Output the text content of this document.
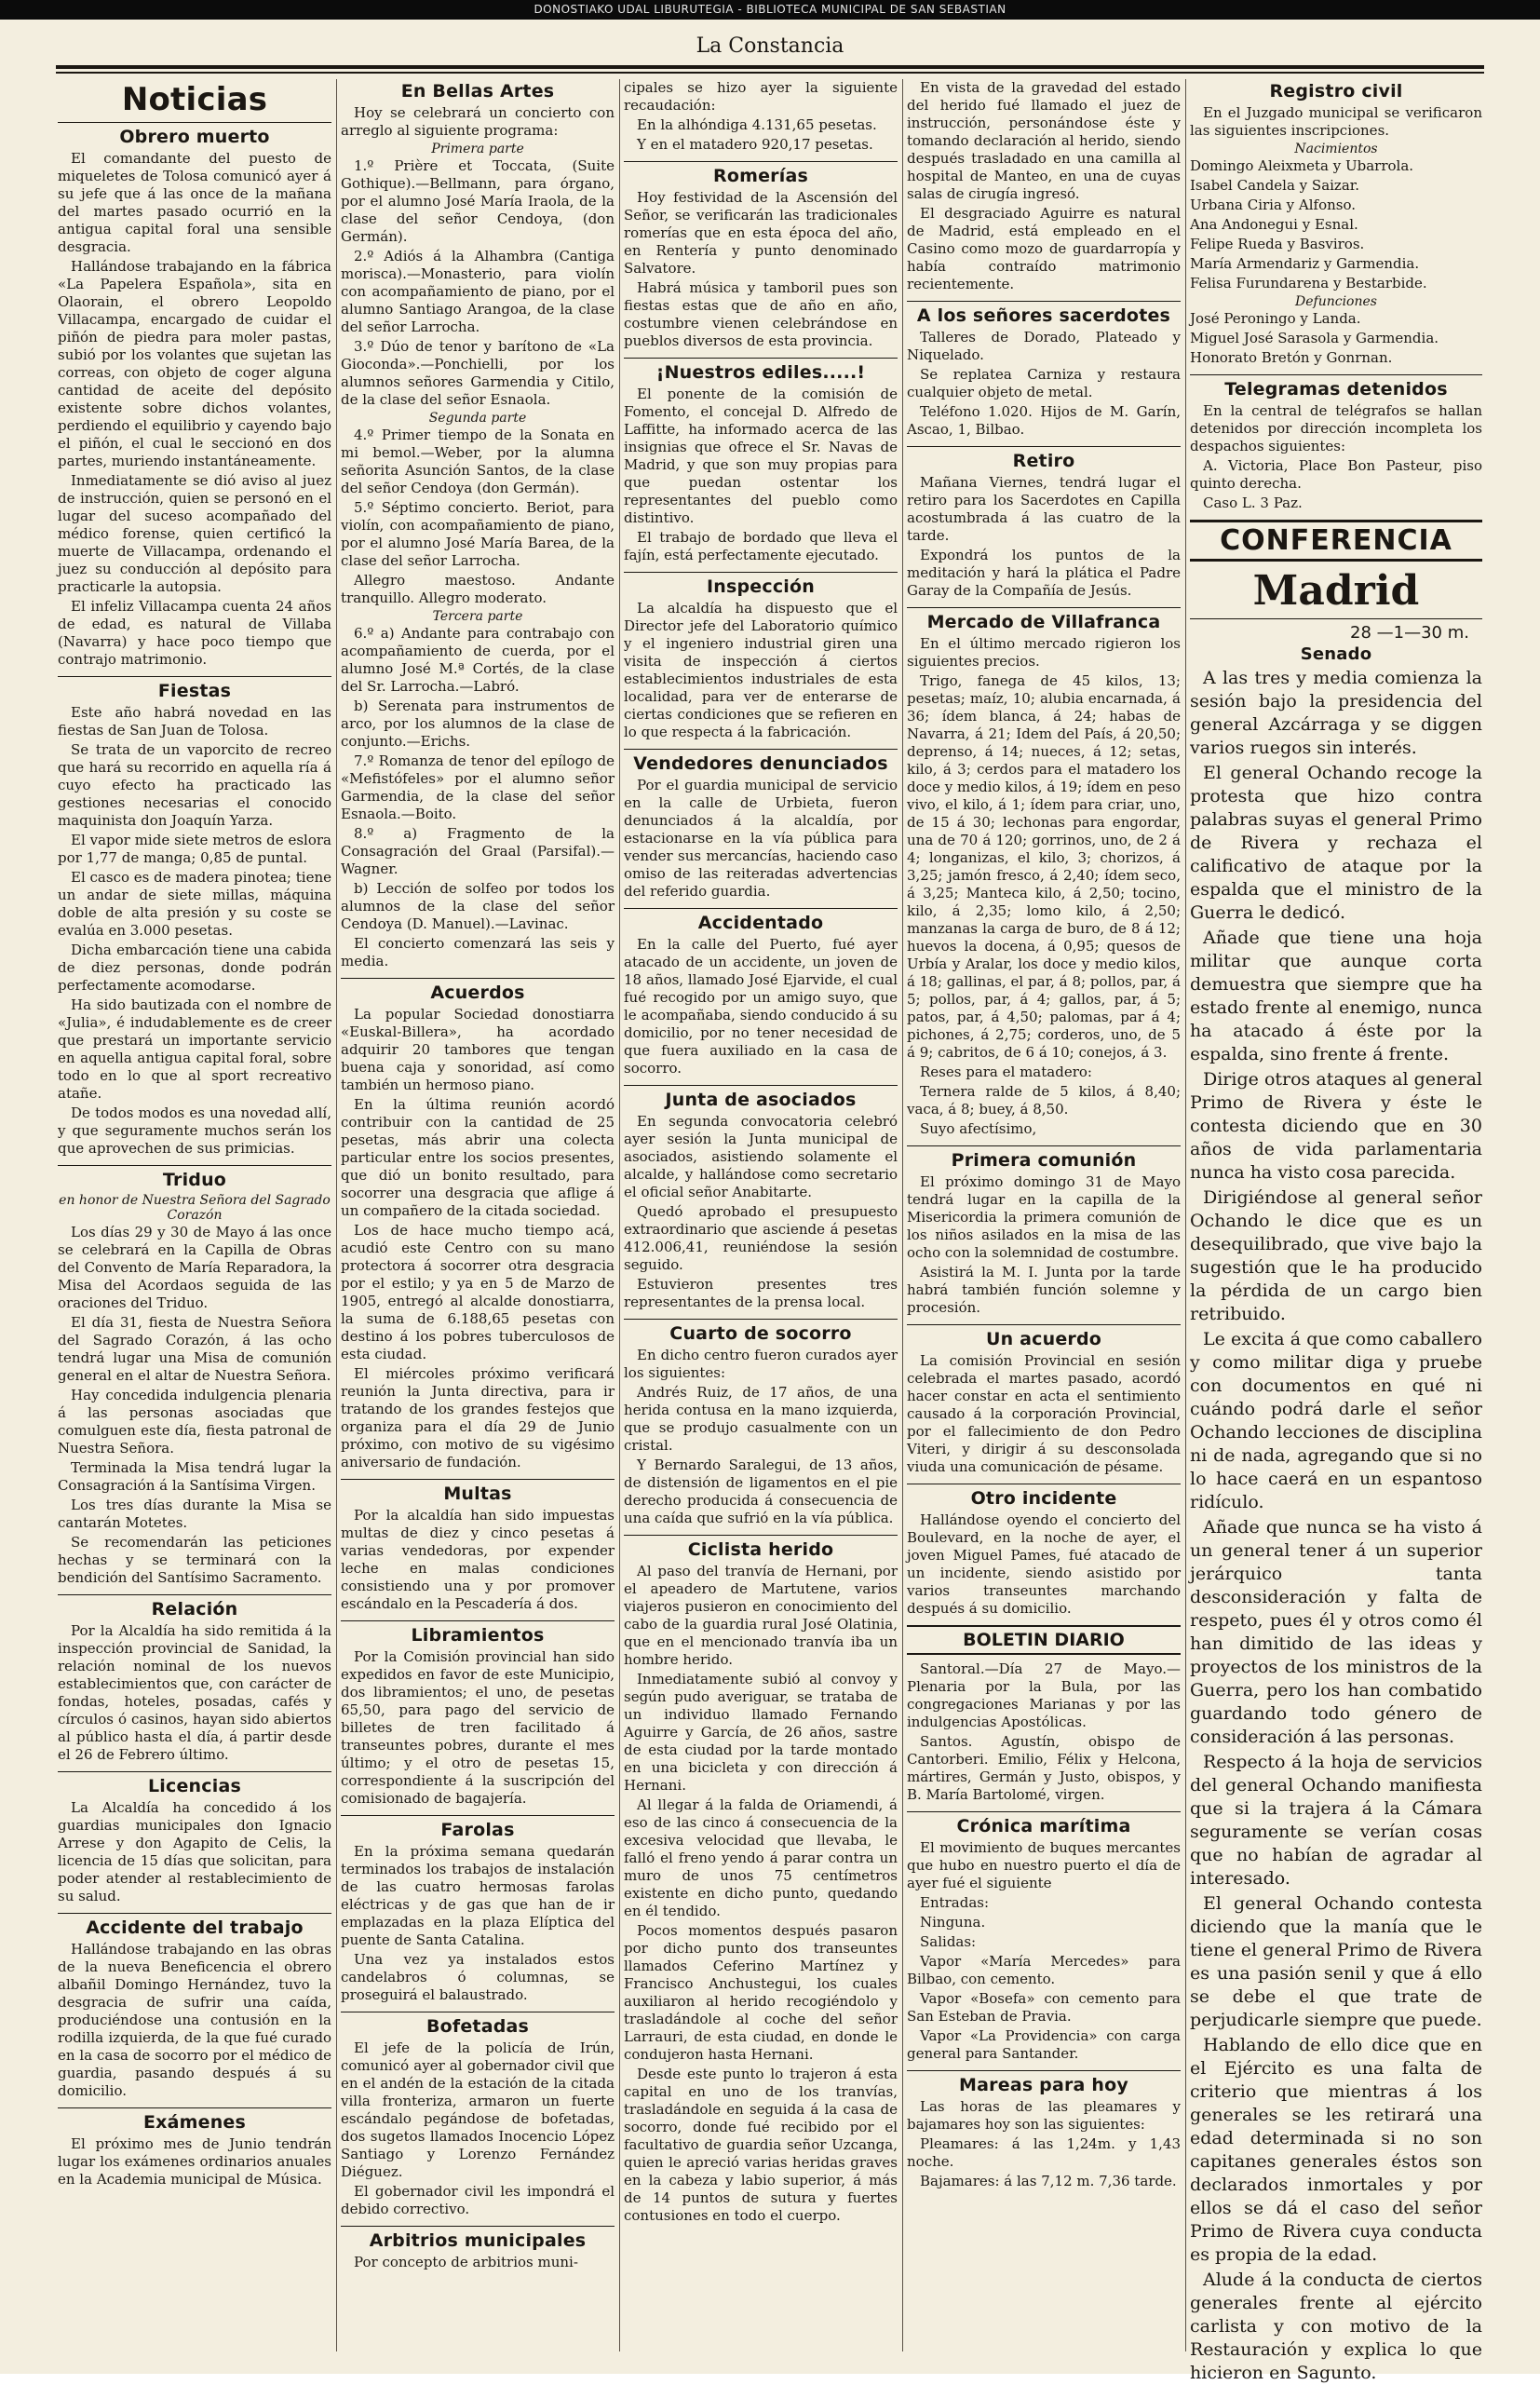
DONOSTIAKO UDAL LIBURUTEGIA - BIBLIOTECA MUNICIPAL DE SAN SEBASTIAN
La Constancia
Noticias
Obrero muerto

El comandante del puesto de miqueletes de Tolosa comunicó ayer á su jefe que á las once de la mañana del martes pasado ocurrió en la antigua capital foral una sensible desgracia.

Hallándose trabajando en la fábrica «La Papelera Española», sita en Olaorain, el obrero Leopoldo Villacampa, encargado de cuidar el piñón de piedra para moler pastas, subió por los volantes que sujetan las correas, con objeto de coger alguna cantidad de aceite del depósito existente sobre dichos volantes, perdiendo el equilibrio y cayendo bajo el piñón, el cual le seccionó en dos partes, muriendo instantáneamente.

Inmediatamente se dió aviso al juez de instrucción, quien se personó en el lugar del suceso acompañado del médico forense, quien certificó la muerte de Villacampa, ordenando el juez su conducción al depósito para practicarle la autopsia.

El infeliz Villacampa cuenta 24 años de edad, es natural de Villaba (Navarra) y hace poco tiempo que contrajo matrimonio.

Fiestas

Este año habrá novedad en las fiestas de San Juan de Tolosa.

Se trata de un vaporcito de recreo que hará su recorrido en aquella ría á cuyo efecto ha practicado las gestiones necesarias el conocido maquinista don Joaquín Yarza.

El vapor mide siete metros de eslora por 1,77 de manga; 0,85 de puntal.

El casco es de madera pinotea; tiene un andar de siete millas, máquina doble de alta presión y su coste se evalúa en 3.000 pesetas.

Dicha embarcación tiene una cabida de diez personas, donde podrán perfectamente acomodarse.

Ha sido bautizada con el nombre de «Julia», é indudablemente es de creer que prestará un importante servicio en aquella antigua capital foral, sobre todo en lo que al sport recreativo atañe.

De todos modos es una novedad allí, y que seguramente muchos serán los que aprovechen de sus primicias.

Triduo
en honor de Nuestra Señora del Sagrado Corazón

Los días 29 y 30 de Mayo á las once se celebrará en la Capilla de Obras del Convento de María Reparadora, la Misa del Acordaos seguida de las oraciones del Triduo.

El día 31, fiesta de Nuestra Señora del Sagrado Corazón, á las ocho tendrá lugar una Misa de comunión general en el altar de Nuestra Señora.

Hay concedida indulgencia plenaria á las personas asociadas que comulguen este día, fiesta patronal de Nuestra Señora.

Terminada la Misa tendrá lugar la Consagración á la Santísima Virgen.

Los tres días durante la Misa se cantarán Motetes.

Se recomendarán las peticiones hechas y se terminará con la bendición del Santísimo Sacramento.

Relación

Por la Alcaldía ha sido remitida á la inspección provincial de Sanidad, la relación nominal de los nuevos establecimientos que, con carácter de fondas, hoteles, posadas, cafés y círculos ó casinos, hayan sido abiertos al público hasta el día, á partir desde el 26 de Febrero último.

Licencias

La Alcaldía ha concedido á los guardias municipales don Ignacio Arrese y don Agapito de Celis, la licencia de 15 días que solicitan, para poder atender al restablecimiento de su salud.

Accidente del trabajo

Hallándose trabajando en las obras de la nueva Beneficencia el obrero albañil Domingo Hernández, tuvo la desgracia de sufrir una caída, produciéndose una contusión en la rodilla izquierda, de la que fué curado en la casa de socorro por el médico de guardia, pasando después á su domicilio.

Exámenes

El próximo mes de Junio tendrán lugar los exámenes ordinarios anuales en la Academia municipal de Música.

En Bellas Artes

Hoy se celebrará un concierto con arreglo al siguiente programa:

Primera parte

1.º Prière et Toccata, (Suite Gothique).—Bellmann, para órgano, por el alumno José María Iraola, de la clase del señor Cendoya, (don Germán).

2.º Adiós á la Alhambra (Cantiga morisca).—Monasterio, para violín con acompañamiento de piano, por el alumno Santiago Arangoa, de la clase del señor Larrocha.

3.º Dúo de tenor y barítono de «La Gioconda».—Ponchielli, por los alumnos señores Garmendia y Citilo, de la clase del señor Esnaola.

Segunda parte

4.º Primer tiempo de la Sonata en mi bemol.—Weber, por la alumna señorita Asunción Santos, de la clase del señor Cendoya (don Germán).

5.º Séptimo concierto. Beriot, para violín, con acompañamiento de piano, por el alumno José María Barea, de la clase del señor Larrocha.

Allegro maestoso. Andante tranquillo. Allegro moderato.

Tercera parte

6.º a) Andante para contrabajo con acompañamiento de cuerda, por el alumno José M.ª Cortés, de la clase del Sr. Larrocha.—Labró.

b) Serenata para instrumentos de arco, por los alumnos de la clase de conjunto.—Erichs.

7.º Romanza de tenor del epílogo de «Mefistófeles» por el alumno señor Garmendia, de la clase del señor Esnaola.—Boito.

8.º a) Fragmento de la Consagración del Graal (Parsifal).—Wagner.

b) Lección de solfeo por todos los alumnos de la clase del señor Cendoya (D. Manuel).—Lavinac.

El concierto comenzará las seis y media.

Acuerdos

La popular Sociedad donostiarra «Euskal-Billera», ha acordado adquirir 20 tambores que tengan buena caja y sonoridad, así como también un hermoso piano.

En la última reunión acordó contribuir con la cantidad de 25 pesetas, más abrir una colecta particular entre los socios presentes, que dió un bonito resultado, para socorrer una desgracia que aflige á un compañero de la citada sociedad.

Los de hace mucho tiempo acá, acudió este Centro con su mano protectora á socorrer otra desgracia por el estilo; y ya en 5 de Marzo de 1905, entregó al alcalde donostiarra, la suma de 6.188,65 pesetas con destino á los pobres tuberculosos de esta ciudad.

El miércoles próximo verificará reunión la Junta directiva, para ir tratando de los grandes festejos que organiza para el día 29 de Junio próximo, con motivo de su vigésimo aniversario de fundación.

Multas

Por la alcaldía han sido impuestas multas de diez y cinco pesetas á varias vendedoras, por expender leche en malas condiciones consistiendo una y por promover escándalo en la Pescadería á dos.

Libramientos

Por la Comisión provincial han sido expedidos en favor de este Municipio, dos libramientos; el uno, de pesetas 65,50, para pago del servicio de billetes de tren facilitado á transeuntes pobres, durante el mes último; y el otro de pesetas 15, correspondiente á la suscripción del comisionado de bagajería.

Farolas

En la próxima semana quedarán terminados los trabajos de instalación de las cuatro hermosas farolas eléctricas y de gas que han de ir emplazadas en la plaza Elíptica del puente de Santa Catalina.

Una vez ya instalados estos candelabros ó columnas, se proseguirá el balaustrado.

Bofetadas

El jefe de la policía de Irún, comunicó ayer al gobernador civil que en el andén de la estación de la citada villa fronteriza, armaron un fuerte escándalo pegándose de bofetadas, dos sugetos llamados Inocencio López Santiago y Lorenzo Fernández Diéguez.

El gobernador civil les impondrá el debido correctivo.

Arbitrios municipales

Por concepto de arbitrios muni-

cipales se hizo ayer la siguiente recaudación:

En la alhóndiga 4.131,65 pesetas.

Y en el matadero 920,17 pesetas.

Romerías

Hoy festividad de la Ascensión del Señor, se verificarán las tradicionales romerías que en esta época del año, en Rentería y punto denominado Salvatore.

Habrá música y tamboril pues son fiestas estas que de año en año, costumbre vienen celebrándose en pueblos diversos de esta provincia.

¡Nuestros ediles.....!

El ponente de la comisión de Fomento, el concejal D. Alfredo de Laffitte, ha informado acerca de las insignias que ofrece el Sr. Navas de Madrid, y que son muy propias para que puedan ostentar los representantes del pueblo como distintivo.

El trabajo de bordado que lleva el fajín, está perfectamente ejecutado.

Inspección

La alcaldía ha dispuesto que el Director jefe del Laboratorio químico y el ingeniero industrial giren una visita de inspección á ciertos establecimientos industriales de esta localidad, para ver de enterarse de ciertas condiciones que se refieren en lo que respecta á la fabricación.

Vendedores denunciados

Por el guardia municipal de servicio en la calle de Urbieta, fueron denunciados á la alcaldía, por estacionarse en la vía pública para vender sus mercancías, haciendo caso omiso de las reiteradas advertencias del referido guardia.

Accidentado

En la calle del Puerto, fué ayer atacado de un accidente, un joven de 18 años, llamado José Ejarvide, el cual fué recogido por un amigo suyo, que le acompañaba, siendo conducido á su domicilio, por no tener necesidad de que fuera auxiliado en la casa de socorro.

Junta de asociados

En segunda convocatoria celebró ayer sesión la Junta municipal de asociados, asistiendo solamente el alcalde, y hallándose como secretario el oficial señor Anabitarte.

Quedó aprobado el presupuesto extraordinario que asciende á pesetas 412.006,41, reuniéndose la sesión seguido.

Estuvieron presentes tres representantes de la prensa local.

Cuarto de socorro

En dicho centro fueron curados ayer los siguientes:

Andrés Ruiz, de 17 años, de una herida contusa en la mano izquierda, que se produjo casualmente con un cristal.

Y Bernardo Saralegui, de 13 años, de distensión de ligamentos en el pie derecho producida á consecuencia de una caída que sufrió en la vía pública.

Ciclista herido

Al paso del tranvía de Hernani, por el apeadero de Martutene, varios viajeros pusieron en conocimiento del cabo de la guardia rural José Olatinia, que en el mencionado tranvía iba un hombre herido.

Inmediatamente subió al convoy y según pudo averiguar, se trataba de un individuo llamado Fernando Aguirre y García, de 26 años, sastre de esta ciudad por la tarde montado en una bicicleta y con dirección á Hernani.

Al llegar á la falda de Oriamendi, á eso de las cinco á consecuencia de la excesiva velocidad que llevaba, le falló el freno yendo á parar contra un muro de unos 75 centímetros existente en dicho punto, quedando en él tendido.

Pocos momentos después pasaron por dicho punto dos transeuntes llamados Ceferino Martínez y Francisco Anchustegui, los cuales auxiliaron al herido recogiéndolo y trasladándole al coche del señor Larrauri, de esta ciudad, en donde le condujeron hasta Hernani.

Desde este punto lo trajeron á esta capital en uno de los tranvías, trasladándole en seguida á la casa de socorro, donde fué recibido por el facultativo de guardia señor Uzcanga, quien le apreció varias heridas graves en la cabeza y labio superior, á más de 14 puntos de sutura y fuertes contusiones en todo el cuerpo.

En vista de la gravedad del estado del herido fué llamado el juez de instrucción, personándose éste y tomando declaración al herido, siendo después trasladado en una camilla al hospital de Manteo, en una de cuyas salas de cirugía ingresó.

El desgraciado Aguirre es natural de Madrid, está empleado en el Casino como mozo de guardarropía y había contraído matrimonio recientemente.

A los señores sacerdotes

Talleres de Dorado, Plateado y Niquelado.

Se replatea Carniza y restaura cualquier objeto de metal.

Teléfono 1.020. Hijos de M. Garín, Ascao, 1, Bilbao.

Retiro

Mañana Viernes, tendrá lugar el retiro para los Sacerdotes en Capilla acostumbrada á las cuatro de la tarde.

Expondrá los puntos de la meditación y hará la plática el Padre Garay de la Compañía de Jesús.

Mercado de Villafranca

En el último mercado rigieron los siguientes precios.

Trigo, fanega de 45 kilos, 13; pesetas; maíz, 10; alubia encarnada, á 36; ídem blanca, á 24; habas de Navarra, á 21; Idem del País, á 20,50; deprenso, á 14; nueces, á 12; setas, kilo, á 3; cerdos para el matadero los doce y medio kilos, á 19; ídem en peso vivo, el kilo, á 1; ídem para criar, uno, de 15 á 30; lechonas para engordar, una de 70 á 120; gorrinos, uno, de 2 á 4; longanizas, el kilo, 3; chorizos, á 3,25; jamón fresco, á 2,40; ídem seco, á 3,25; Manteca kilo, á 2,50; tocino, kilo, á 2,35; lomo kilo, á 2,50; manzanas la carga de buro, de 8 á 12; huevos la docena, á 0,95; quesos de Urbía y Aralar, los doce y medio kilos, á 18; gallinas, el par, á 8; pollos, par, á 5; pollos, par, á 4; gallos, par, á 5; patos, par, á 4,50; palomas, par á 4; pichones, á 2,75; corderos, uno, de 5 á 9; cabritos, de 6 á 10; conejos, á 3.

Reses para el matadero:

Ternera ralde de 5 kilos, á 8,40; vaca, á 8; buey, á 8,50.

Suyo afectísimo,

Primera comunión

El próximo domingo 31 de Mayo tendrá lugar en la capilla de la Misericordia la primera comunión de los niños asilados en la misa de las ocho con la solemnidad de costumbre.

Asistirá la M. I. Junta por la tarde habrá también función solemne y procesión.

Un acuerdo

La comisión Provincial en sesión celebrada el martes pasado, acordó hacer constar en acta el sentimiento causado á la corporación Provincial, por el fallecimiento de don Pedro Viteri, y dirigir á su desconsolada viuda una comunicación de pésame.

Otro incidente

Hallándose oyendo el concierto del Boulevard, en la noche de ayer, el joven Miguel Pames, fué atacado de un incidente, siendo asistido por varios transeuntes marchando después á su domicilio.

BOLETIN DIARIO

Santoral.—Día 27 de Mayo.— Plenaria por la Bula, por las congregaciones Marianas y por las indulgencias Apostólicas.

Santos. Agustín, obispo de Cantorberi. Emilio, Félix y Helcona, mártires, Germán y Justo, obispos, y B. María Bartolomé, virgen.

Crónica marítima

El movimiento de buques mercantes que hubo en nuestro puerto el día de ayer fué el siguiente

Entradas:

Ninguna.

Salidas:

Vapor «María Mercedes» para Bilbao, con cemento.

Vapor «Bosefa» con cemento para San Esteban de Pravia.

Vapor «La Providencia» con carga general para Santander.

Mareas para hoy

Las horas de las pleamares y bajamares hoy son las siguientes:

Pleamares: á las 1,24m. y 1,43 noche.

Bajamares: á las 7,12 m. 7,36 tarde.

Registro civil

En el Juzgado municipal se verificaron las siguientes inscripciones.

Nacimientos

Domingo Aleixmeta y Ubarrola.

Isabel Candela y Saizar.

Urbana Ciria y Alfonso.

Ana Andonegui y Esnal.

Felipe Rueda y Basviros.

María Armendariz y Garmendia.

Felisa Furundarena y Bestarbide.

Defunciones

José Peroningo y Landa.

Miguel José Sarasola y Garmendia.

Honorato Bretón y Gonrnan.

Telegramas detenidos

En la central de telégrafos se hallan detenidos por dirección incompleta los despachos siguientes:

A. Victoria, Place Bon Pasteur, piso quinto derecha.

Caso L. 3 Paz.

CONFERENCIA
Madrid
28 —1—30 m.
Senado

A las tres y media comienza la sesión bajo la presidencia del general Azcárraga y se diggen varios ruegos sin interés.

El general Ochando recoge la protesta que hizo contra palabras suyas el general Primo de Rivera y rechaza el calificativo de ataque por la espalda que el ministro de la Guerra le dedicó.

Añade que tiene una hoja militar que aunque corta demuestra que siempre que ha estado frente al enemigo, nunca ha atacado á éste por la espalda, sino frente á frente.

Dirige otros ataques al general Primo de Rivera y éste le contesta diciendo que en 30 años de vida parlamentaria nunca ha visto cosa parecida.

Dirigiéndose al general señor Ochando le dice que es un desequilibrado, que vive bajo la sugestión que le ha producido la pérdida de un cargo bien retribuido.

Le excita á que como caballero y como militar diga y pruebe con documentos en qué ni cuándo podrá darle el señor Ochando lecciones de disciplina ni de nada, agregando que si no lo hace caerá en un espantoso ridículo.

Añade que nunca se ha visto á un general tener á un superior jerárquico tanta desconsideración y falta de respeto, pues él y otros como él han dimitido de las ideas y proyectos de los ministros de la Guerra, pero los han combatido guardando todo género de consideración á las personas.

Respecto á la hoja de servicios del general Ochando manifiesta que si la trajera á la Cámara seguramente se verían cosas que no habían de agradar al interesado.

El general Ochando contesta diciendo que la manía que le tiene el general Primo de Rivera es una pasión senil y que á ello se debe el que trate de perjudicarle siempre que puede.

Hablando de ello dice que en el Ejército es una falta de criterio que mientras á los generales se les retirará una edad determinada si no son capitanes generales éstos son declarados inmortales y por ellos se dá el caso del señor Primo de Rivera cuya conducta es propia de la edad.

Alude á la conducta de ciertos generales frente al ejército carlista y con motivo de la Restauración y explica lo que hicieron en Sagunto.
